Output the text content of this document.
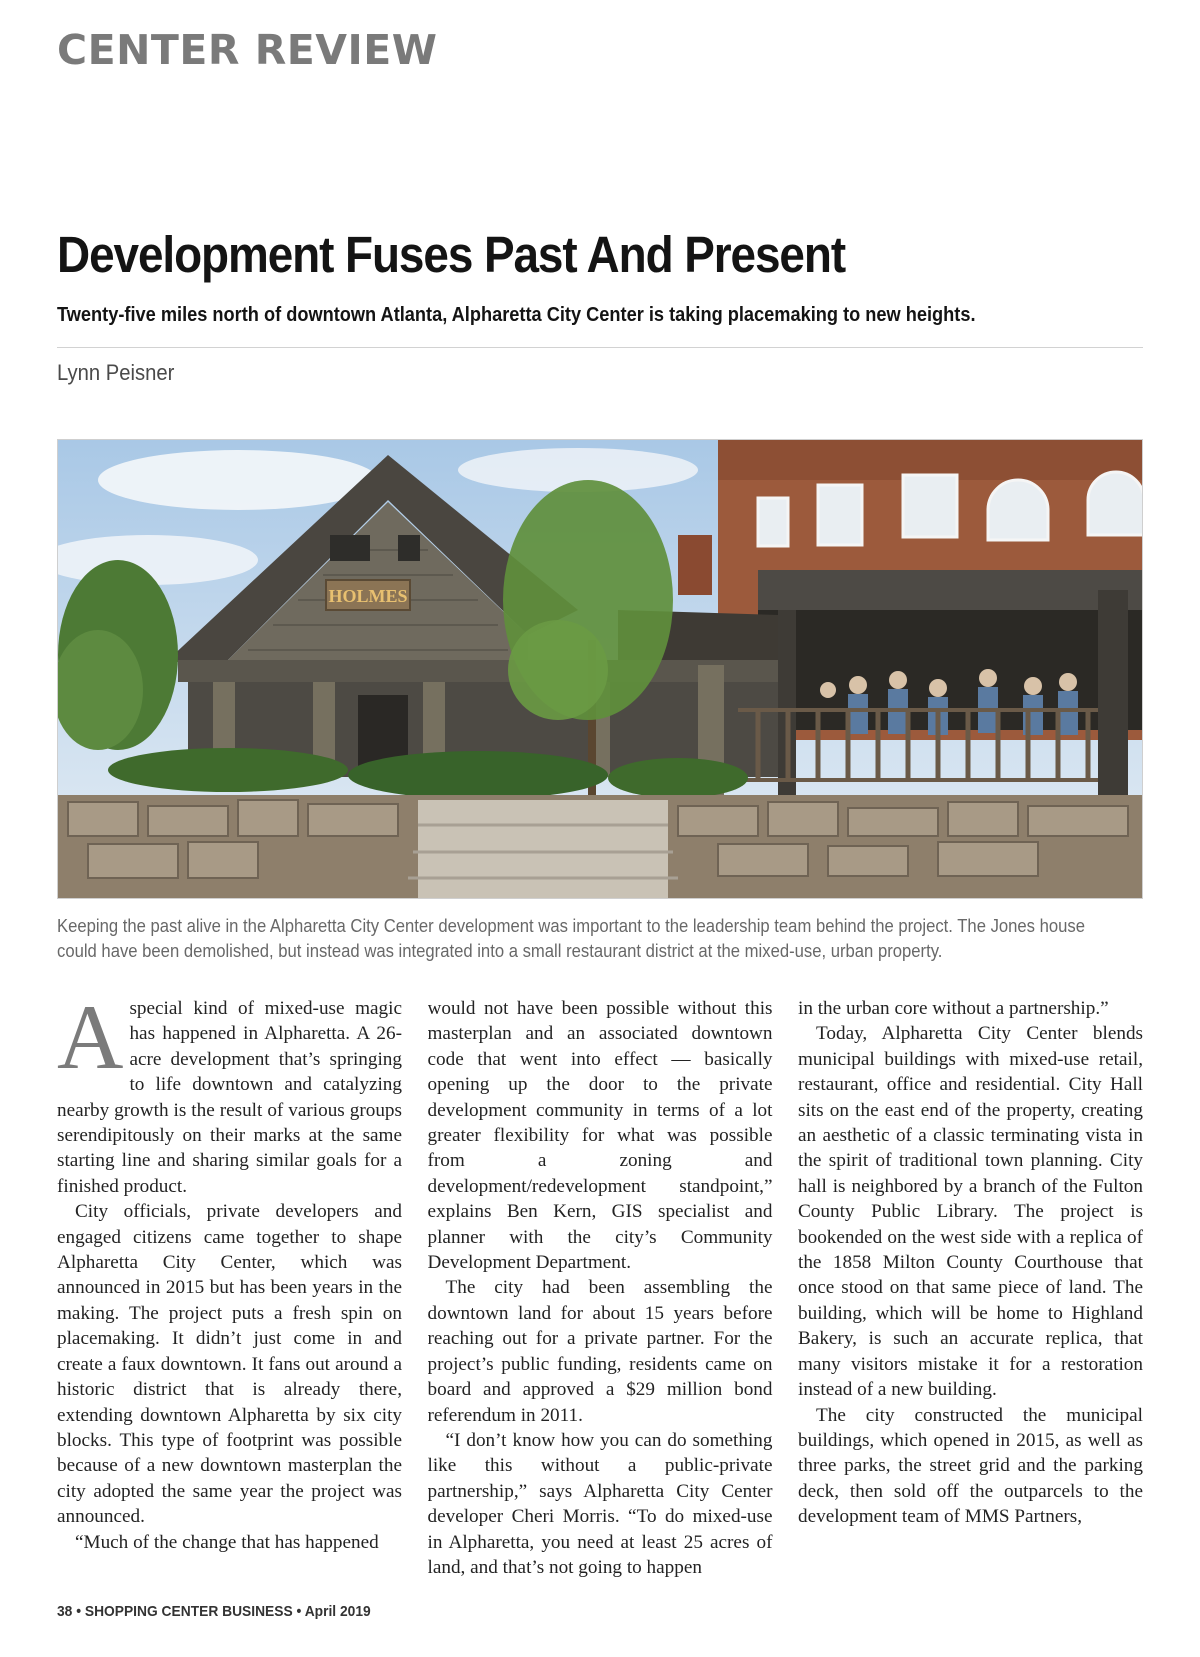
CENTER REVIEW
Development Fuses Past And Present

Twenty-five miles north of downtown Atlanta, Alpharetta City Center is taking placemaking to new heights.

Lynn Peisner

HOLMES

Keeping the past alive in the Alpharetta City Center development was important to the leadership team behind the project. The Jones house could have been demolished, but instead was integrated into a small restaurant district at the mixed-use, urban property.

Aspecial kind of mixed-use magic has happened in Alpharetta. A 26-acre development that’s springing to life downtown and catalyzing nearby growth is the result of various groups serendipitously on their marks at the same starting line and sharing similar goals for a finished product.

City officials, private developers and engaged citizens came together to shape Alpharetta City Center, which was announced in 2015 but has been years in the making. The project puts a fresh spin on placemaking. It didn’t just come in and create a faux downtown. It fans out around a historic district that is already there, extending downtown Alpharetta by six city blocks. This type of footprint was possible because of a new downtown masterplan the city adopted the same year the project was announced.

“Much of the change that has happened

would not have been possible without this masterplan and an associated downtown code that went into effect — basically opening up the door to the private development community in terms of a lot greater flexibility for what was possible from a zoning and development/redevelopment standpoint,” explains Ben Kern, GIS specialist and planner with the city’s Community Development Department.

The city had been assembling the downtown land for about 15 years before reaching out for a private partner. For the project’s public funding, residents came on board and approved a $29 million bond referendum in 2011.

“I don’t know how you can do something like this without a public-private partnership,” says Alpharetta City Center developer Cheri Morris. “To do mixed-use in Alpharetta, you need at least 25 acres of land, and that’s not going to happen

in the urban core without a partnership.”

Today, Alpharetta City Center blends municipal buildings with mixed-use retail, restaurant, office and residential. City Hall sits on the east end of the property, creating an aesthetic of a classic terminating vista in the spirit of traditional town planning. City hall is neighbored by a branch of the Fulton County Public Library. The project is bookended on the west side with a replica of the 1858 Milton County Courthouse that once stood on that same piece of land. The building, which will be home to Highland Bakery, is such an accurate replica, that many visitors mistake it for a restoration instead of a new building.

The city constructed the municipal buildings, which opened in 2015, as well as three parks, the street grid and the parking deck, then sold off the outparcels to the development team of MMS Partners,

38 • SHOPPING CENTER BUSINESS • April 2019
